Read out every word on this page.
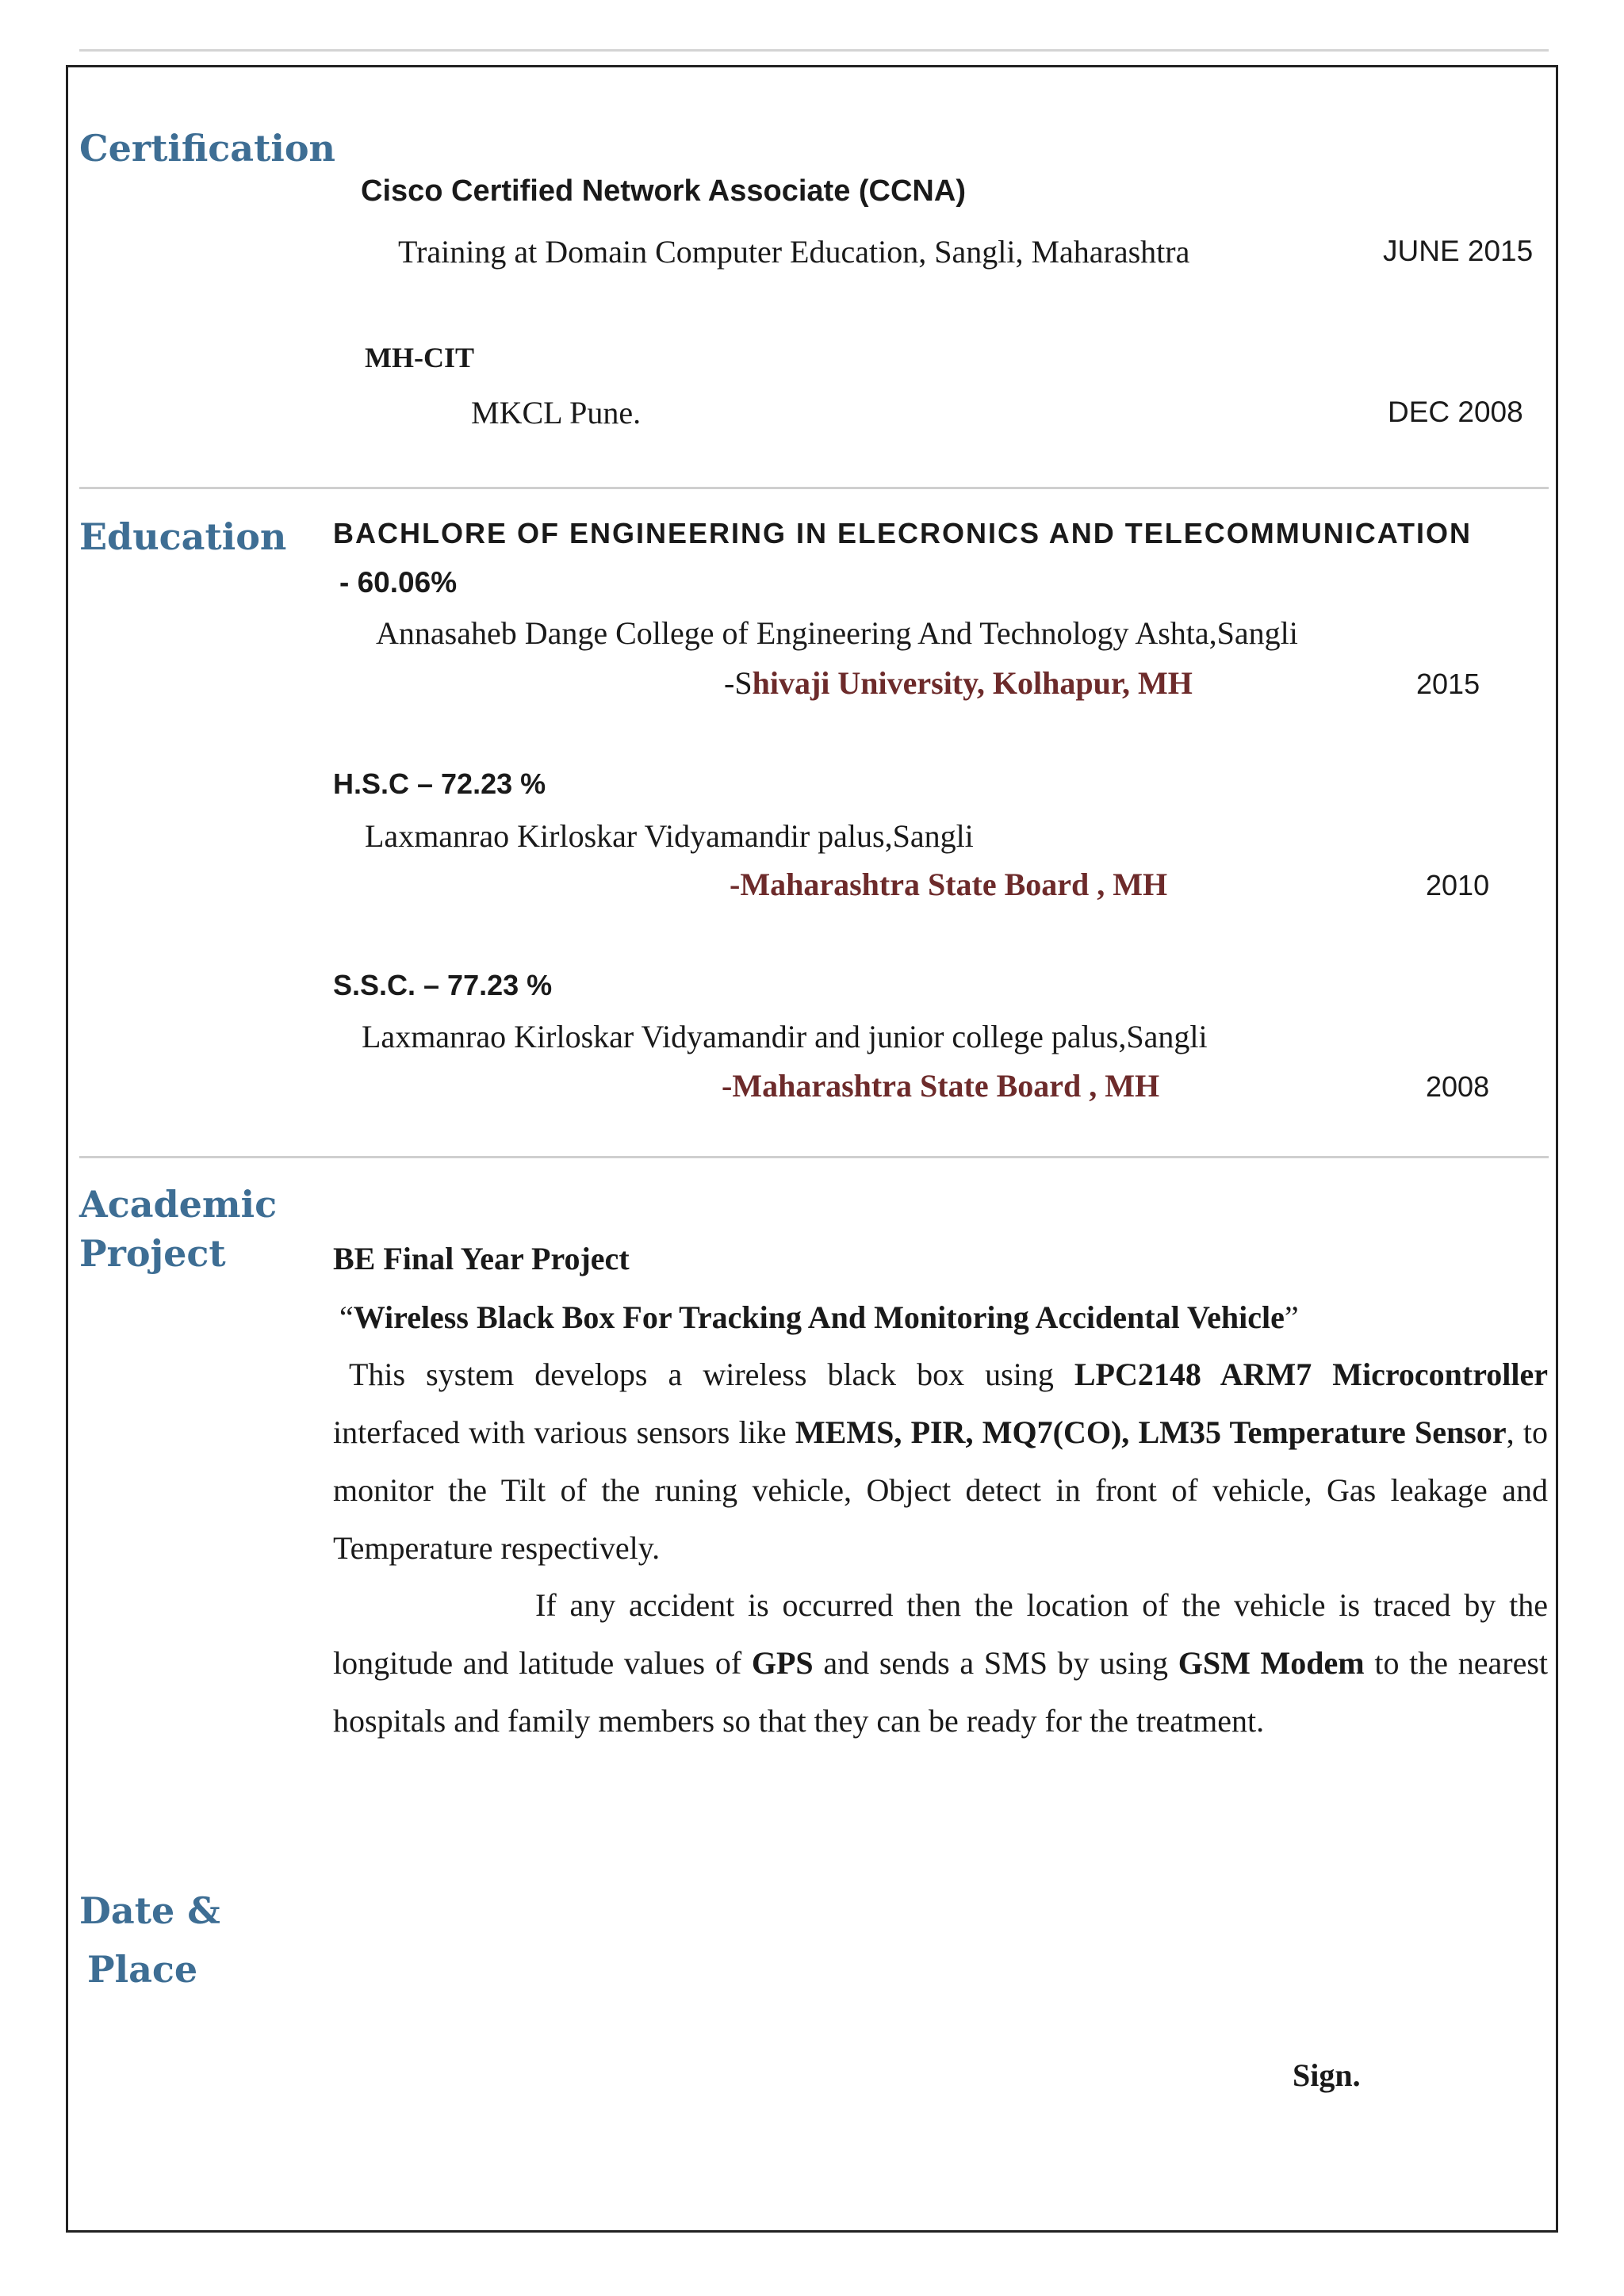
Certification
Cisco Certified Network Associate (CCNA)
Training at Domain Computer Education, Sangli, Maharashtra	JUNE 2015
MH-CIT
MKCL Pune.	DEC 2008
Education BACHLORE OF ENGINEERING IN ELECRONICS AND TELECOMMUNICATION
- 60.06%
Annasaheb Dange College of Engineering And Technology Ashta,Sangli
-Shivaji University, Kolhapur, MH	2015
H.S.C – 72.23 %
Laxmanrao Kirloskar Vidyamandir palus,Sangli
-Maharashtra State Board , MH	2010
S.S.C. – 77.23 %
Laxmanrao Kirloskar Vidyamandir and junior college palus,Sangli
-Maharashtra State Board , MH	2008
Academic
Project	BE Final Year Project
“Wireless Black Box For Tracking And Monitoring Accidental Vehicle”
This system develops a wireless black box using LPC2148 ARM7 Microcontroller interfaced with various sensors like MEMS, PIR, MQ7(CO), LM35 Temperature Sensor, to monitor the Tilt of the runing vehicle, Object detect in front of vehicle, Gas leakage and Temperature respectively.
If any accident is occurred then the location of the vehicle is traced by the longitude and latitude values of GPS and sends a SMS by using GSM Modem to the nearest hospitals and family members so that they can be ready for the treatment.
Date &
Place
Sign.
